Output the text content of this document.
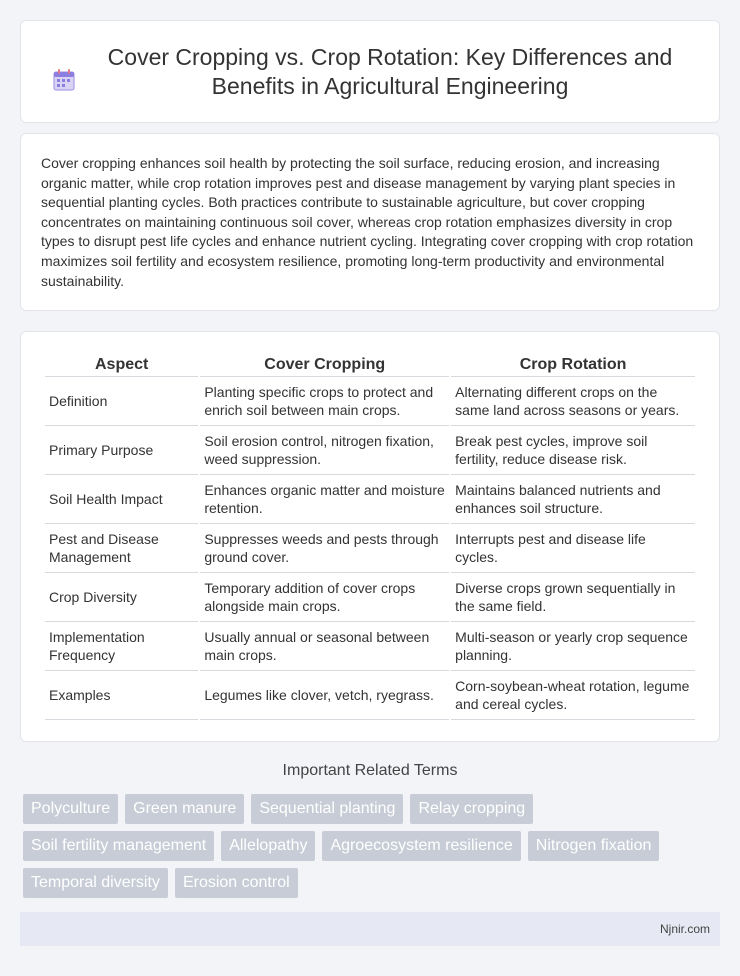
Cover Cropping vs. Crop Rotation: Key Differences and Benefits in Agricultural Engineering

Cover cropping enhances soil health by protecting the soil surface, reducing erosion, and increasing organic matter, while crop rotation improves pest and disease management by varying plant species in sequential planting cycles. Both practices contribute to sustainable agriculture, but cover cropping concentrates on maintaining continuous soil cover, whereas crop rotation emphasizes diversity in crop types to disrupt pest life cycles and enhance nutrient cycling. Integrating cover cropping with crop rotation maximizes soil fertility and ecosystem resilience, promoting long-term productivity and environmental sustainability.

Aspect	Cover Cropping	Crop Rotation
Definition	Planting specific crops to protect and enrich soil between main crops.	Alternating different crops on the same land across seasons or years.
Primary Purpose	Soil erosion control, nitrogen fixation, weed suppression.	Break pest cycles, improve soil fertility, reduce disease risk.
Soil Health Impact	Enhances organic matter and moisture retention.	Maintains balanced nutrients and enhances soil structure.
Pest and Disease Management	Suppresses weeds and pests through ground cover.	Interrupts pest and disease life cycles.
Crop Diversity	Temporary addition of cover crops alongside main crops.	Diverse crops grown sequentially in the same field.
Implementation Frequency	Usually annual or seasonal between main crops.	Multi-season or yearly crop sequence planning.
Examples	Legumes like clover, vetch, ryegrass.	Corn-soybean-wheat rotation, legume and cereal cycles.
Important Related Terms
Polyculture	Green manure	Sequential planting	Relay cropping
Soil fertility management	Allelopathy	Agroecosystem resilience	Nitrogen fixation
Temporal diversity	Erosion control
Njnir.com
